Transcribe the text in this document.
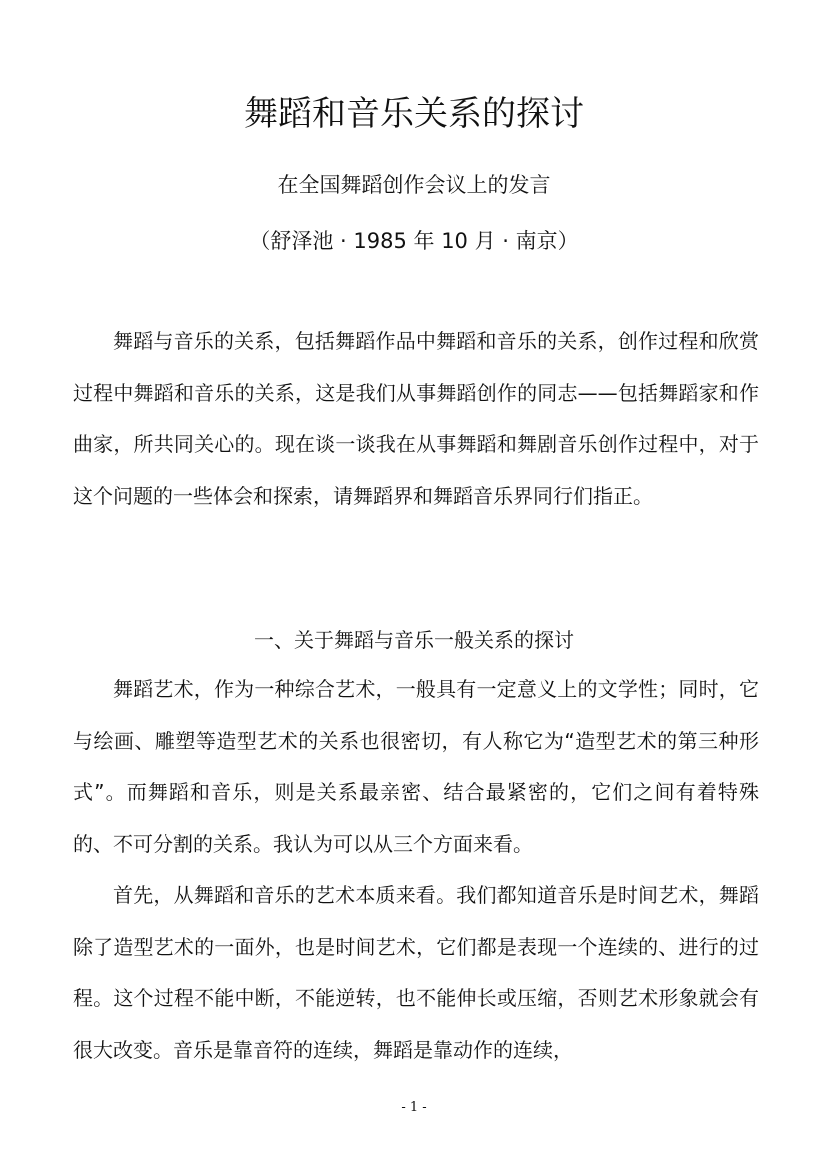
舞蹈和音乐关系的探讨
在全国舞蹈创作会议上的发言
（舒泽池 · 1985 年 10 月 · 南京）

舞蹈与音乐的关系，包括舞蹈作品中舞蹈和音乐的关系，创作过程和欣赏过程中舞蹈和音乐的关系，这是我们从事舞蹈创作的同志——包括舞蹈家和作曲家，所共同关心的。现在谈一谈我在从事舞蹈和舞剧音乐创作过程中，对于这个问题的一些体会和探索，请舞蹈界和舞蹈音乐界同行们指正。

一、关于舞蹈与音乐一般关系的探讨

舞蹈艺术，作为一种综合艺术，一般具有一定意义上的文学性；同时，它与绘画、雕塑等造型艺术的关系也很密切，有人称它为“造型艺术的第三种形式”。而舞蹈和音乐，则是关系最亲密、结合最紧密的，它们之间有着特殊的、不可分割的关系。我认为可以从三个方面来看。

首先，从舞蹈和音乐的艺术本质来看。我们都知道音乐是时间艺术，舞蹈除了造型艺术的一面外，也是时间艺术，它们都是表现一个连续的、进行的过程。这个过程不能中断，不能逆转，也不能伸长或压缩，否则艺术形象就会有很大改变。音乐是靠音符的连续，舞蹈是靠动作的连续，

- 1 -
